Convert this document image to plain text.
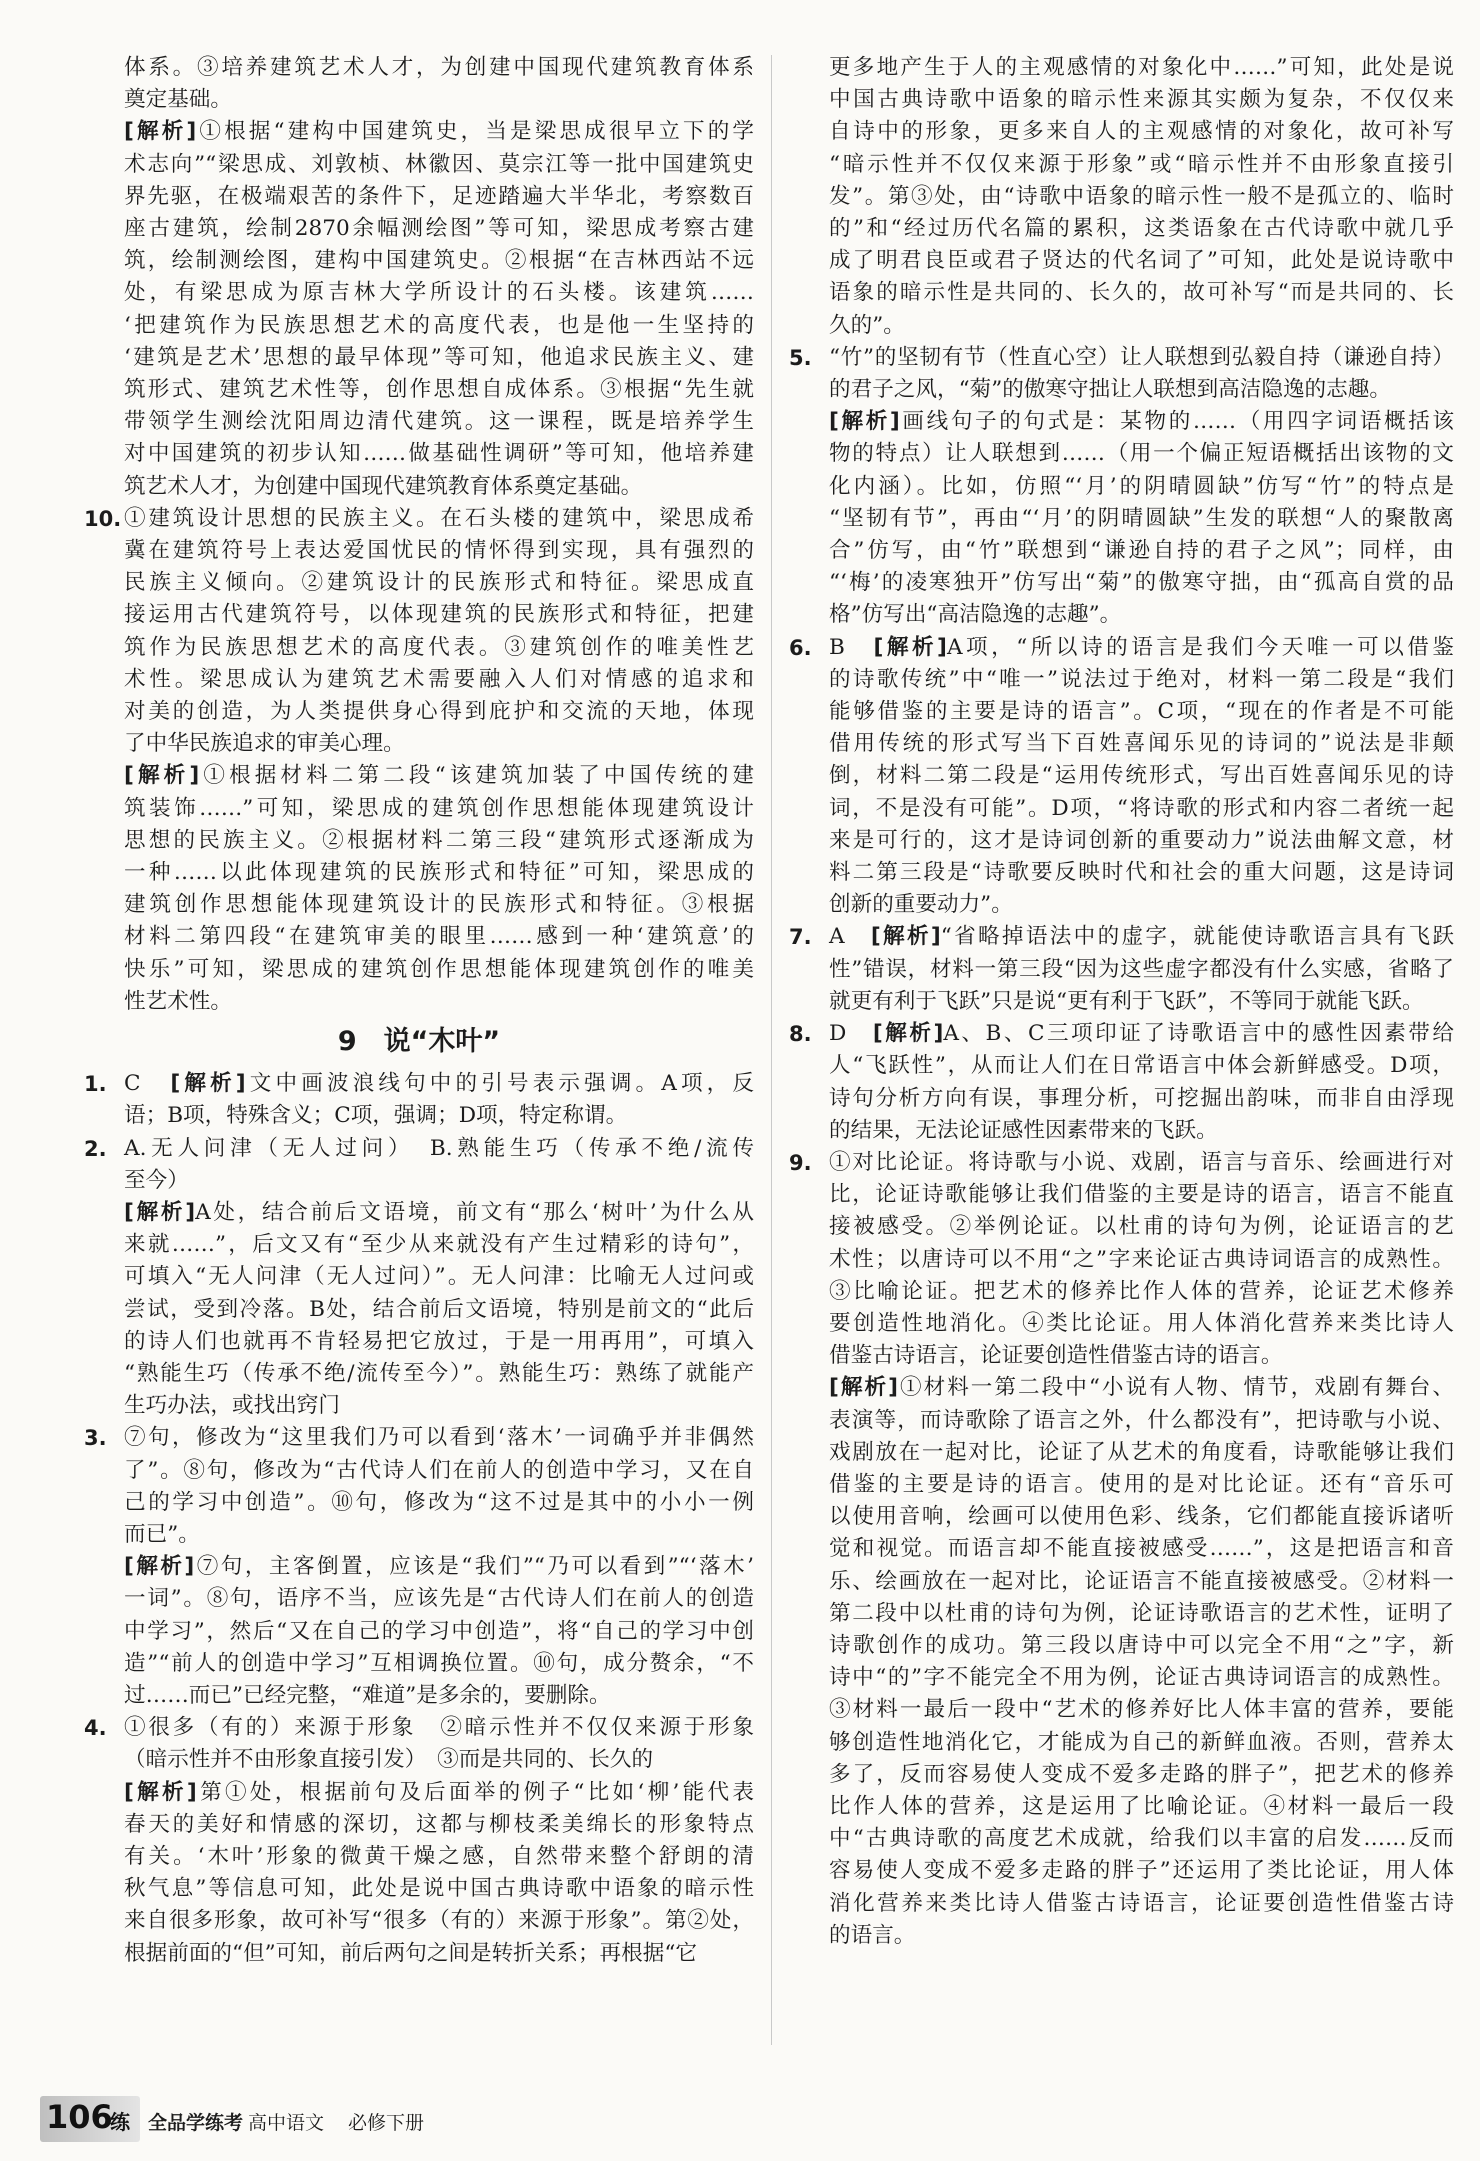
体系。③培养建筑艺术人才，为创建中国现代建筑教育体系
奠定基础。
[解析]①根据“建构中国建筑史，当是梁思成很早立下的学
术志向”“梁思成、刘敦桢、林徽因、莫宗江等一批中国建筑史
界先驱，在极端艰苦的条件下，足迹踏遍大半华北，考察数百
座古建筑，绘制2870余幅测绘图”等可知，梁思成考察古建
筑，绘制测绘图，建构中国建筑史。②根据“在吉林西站不远
处，有梁思成为原吉林大学所设计的石头楼。该建筑……
‘把建筑作为民族思想艺术的高度代表，也是他一生坚持的
‘建筑是艺术’思想的最早体现”等可知，他追求民族主义、建
筑形式、建筑艺术性等，创作思想自成体系。③根据“先生就
带领学生测绘沈阳周边清代建筑。这一课程，既是培养学生
对中国建筑的初步认知……做基础性调研”等可知，他培养建
筑艺术人才，为创建中国现代建筑教育体系奠定基础。
10. ①建筑设计思想的民族主义。在石头楼的建筑中，梁思成希
冀在建筑符号上表达爱国忧民的情怀得到实现，具有强烈的
民族主义倾向。②建筑设计的民族形式和特征。梁思成直
接运用古代建筑符号，以体现建筑的民族形式和特征，把建
筑作为民族思想艺术的高度代表。③建筑创作的唯美性艺
术性。梁思成认为建筑艺术需要融入人们对情感的追求和
对美的创造，为人类提供身心得到庇护和交流的天地，体现
了中华民族追求的审美心理。
[解析]①根据材料二第二段“该建筑加装了中国传统的建
筑装饰……”可知，梁思成的建筑创作思想能体现建筑设计
思想的民族主义。②根据材料二第三段“建筑形式逐渐成为
一种……以此体现建筑的民族形式和特征”可知，梁思成的
建筑创作思想能体现建筑设计的民族形式和特征。③根据
材料二第四段“在建筑审美的眼里……感到一种‘建筑意’的
快乐”可知，梁思成的建筑创作思想能体现建筑创作的唯美
性艺术性。
9　说“木叶”
1. C　[解析]文中画波浪线句中的引号表示强调。A项，反
语；B项，特殊含义；C项，强调；D项，特定称谓。
2. A.无人问津（无人过问）　B.熟能生巧（传承不绝/流传
至今）
[解析]A处，结合前后文语境，前文有“那么‘树叶’为什么从
来就……”，后文又有“至少从来就没有产生过精彩的诗句”，
可填入“无人问津（无人过问）”。无人问津：比喻无人过问或
尝试，受到冷落。B处，结合前后文语境，特别是前文的“此后
的诗人们也就再不肯轻易把它放过，于是一用再用”，可填入
“熟能生巧（传承不绝/流传至今）”。熟能生巧：熟练了就能产
生巧办法，或找出窍门
3. ⑦句，修改为“这里我们乃可以看到‘落木’一词确乎并非偶然
了”。⑧句，修改为“古代诗人们在前人的创造中学习，又在自
己的学习中创造”。⑩句，修改为“这不过是其中的小小一例
而已”。
[解析]⑦句，主客倒置，应该是“我们”“乃可以看到”“‘落木’
一词”。⑧句，语序不当，应该先是“古代诗人们在前人的创造
中学习”，然后“又在自己的学习中创造”，将“自己的学习中创
造”“前人的创造中学习”互相调换位置。⑩句，成分赘余，“不
过……而已”已经完整，“难道”是多余的，要删除。
4. ①很多（有的）来源于形象　②暗示性并不仅仅来源于形象
（暗示性并不由形象直接引发）　③而是共同的、长久的
[解析]第①处，根据前句及后面举的例子“比如‘柳’能代表
春天的美好和情感的深切，这都与柳枝柔美绵长的形象特点
有关。‘木叶’形象的微黄干燥之感，自然带来整个舒朗的清
秋气息”等信息可知，此处是说中国古典诗歌中语象的暗示性
来自很多形象，故可补写“很多（有的）来源于形象”。第②处，
根据前面的“但”可知，前后两句之间是转折关系；再根据“它
更多地产生于人的主观感情的对象化中……”可知，此处是说
中国古典诗歌中语象的暗示性来源其实颇为复杂，不仅仅来
自诗中的形象，更多来自人的主观感情的对象化，故可补写
“暗示性并不仅仅来源于形象”或“暗示性并不由形象直接引
发”。第③处，由“诗歌中语象的暗示性一般不是孤立的、临时
的”和“经过历代名篇的累积，这类语象在古代诗歌中就几乎
成了明君良臣或君子贤达的代名词了”可知，此处是说诗歌中
语象的暗示性是共同的、长久的，故可补写“而是共同的、长
久的”。
5. “竹”的坚韧有节（性直心空）让人联想到弘毅自持（谦逊自持）
的君子之风，“菊”的傲寒守拙让人联想到高洁隐逸的志趣。
[解析]画线句子的句式是：某物的……（用四字词语概括该
物的特点）让人联想到……（用一个偏正短语概括出该物的文
化内涵）。比如，仿照“‘月’的阴晴圆缺”仿写“竹”的特点是
“坚韧有节”，再由“‘月’的阴晴圆缺”生发的联想“人的聚散离
合”仿写，由“竹”联想到“谦逊自持的君子之风”；同样，由
“‘梅’的凌寒独开”仿写出“菊”的傲寒守拙，由“孤高自赏的品
格”仿写出“高洁隐逸的志趣”。
6. B　[解析]A项，“所以诗的语言是我们今天唯一可以借鉴
的诗歌传统”中“唯一”说法过于绝对，材料一第二段是“我们
能够借鉴的主要是诗的语言”。C项，“现在的作者是不可能
借用传统的形式写当下百姓喜闻乐见的诗词的”说法是非颠
倒，材料二第二段是“运用传统形式，写出百姓喜闻乐见的诗
词，不是没有可能”。D项，“将诗歌的形式和内容二者统一起
来是可行的，这才是诗词创新的重要动力”说法曲解文意，材
料二第三段是“诗歌要反映时代和社会的重大问题，这是诗词
创新的重要动力”。
7. A　[解析]“省略掉语法中的虚字，就能使诗歌语言具有飞跃
性”错误，材料一第三段“因为这些虚字都没有什么实感，省略了
就更有利于飞跃”只是说“更有利于飞跃”，不等同于就能飞跃。
8. D　[解析]A、B、C三项印证了诗歌语言中的感性因素带给
人“飞跃性”，从而让人们在日常语言中体会新鲜感受。D项，
诗句分析方向有误，事理分析，可挖掘出韵味，而非自由浮现
的结果，无法论证感性因素带来的飞跃。
9. ①对比论证。将诗歌与小说、戏剧，语言与音乐、绘画进行对
比，论证诗歌能够让我们借鉴的主要是诗的语言，语言不能直
接被感受。②举例论证。以杜甫的诗句为例，论证语言的艺
术性；以唐诗可以不用“之”字来论证古典诗词语言的成熟性。
③比喻论证。把艺术的修养比作人体的营养，论证艺术修养
要创造性地消化。④类比论证。用人体消化营养来类比诗人
借鉴古诗语言，论证要创造性借鉴古诗的语言。
[解析]①材料一第二段中“小说有人物、情节，戏剧有舞台、
表演等，而诗歌除了语言之外，什么都没有”，把诗歌与小说、
戏剧放在一起对比，论证了从艺术的角度看，诗歌能够让我们
借鉴的主要是诗的语言。使用的是对比论证。还有“音乐可
以使用音响，绘画可以使用色彩、线条，它们都能直接诉诸听
觉和视觉。而语言却不能直接被感受……”，这是把语言和音
乐、绘画放在一起对比，论证语言不能直接被感受。②材料一
第二段中以杜甫的诗句为例，论证诗歌语言的艺术性，证明了
诗歌创作的成功。第三段以唐诗中可以完全不用“之”字，新
诗中“的”字不能完全不用为例，论证古典诗词语言的成熟性。
③材料一最后一段中“艺术的修养好比人体丰富的营养，要能
够创造性地消化它，才能成为自己的新鲜血液。否则，营养太
多了，反而容易使人变成不爱多走路的胖子”，把艺术的修养
比作人体的营养，这是运用了比喻论证。④材料一最后一段
中“古典诗歌的高度艺术成就，给我们以丰富的启发……反而
容易使人变成不爱多走路的胖子”还运用了类比论证，用人体
消化营养来类比诗人借鉴古诗语言，论证要创造性借鉴古诗
的语言。
106
练 全品学练考 高中语文 必修下册
